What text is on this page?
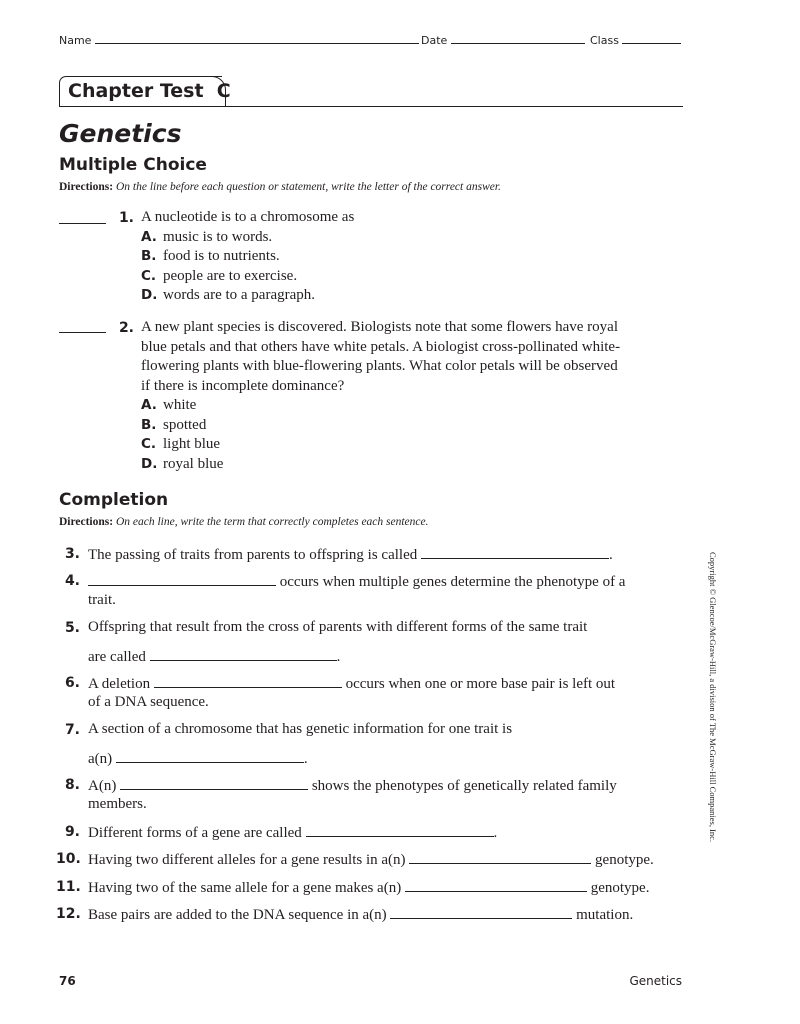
Name	Date	Class
Chapter Test  C
Genetics
Multiple Choice
Directions: On the line before each question or statement, write the letter of the correct answer.
1. A nucleotide is to a chromosome as
A. music is to words.
B. food is to nutrients.
C. people are to exercise.
D. words are to a paragraph.
2. A new plant species is discovered. Biologists note that some flowers have royal
blue petals and that others have white petals. A biologist cross-pollinated white-
flowering plants with blue-flowering plants. What color petals will be observed
if there is incomplete dominance?
A. white
B. spotted
C. light blue
D. royal blue
Completion
Directions: On each line, write the term that correctly completes each sentence.
3. The passing of traits from parents to offspring is called	.
4.	occurs when multiple genes determine the phenotype of a
trait.
5. Offspring that result from the cross of parents with different forms of the same trait
are called	.
6. A deletion	occurs when one or more base pair is left out
of a DNA sequence.
7. A section of a chromosome that has genetic information for one trait is
a(n)	.
8. A(n)	shows the phenotypes of genetically related family
members.
9. Different forms of a gene are called	.
10. Having two different alleles for a gene results in a(n)	genotype.
11. Having two of the same allele for a gene makes a(n)	genotype.
12. Base pairs are added to the DNA sequence in a(n)	mutation.
Copyright © Glencoe/McGraw-Hill, a division of The McGraw-Hill Companies, Inc.
76	Genetics
